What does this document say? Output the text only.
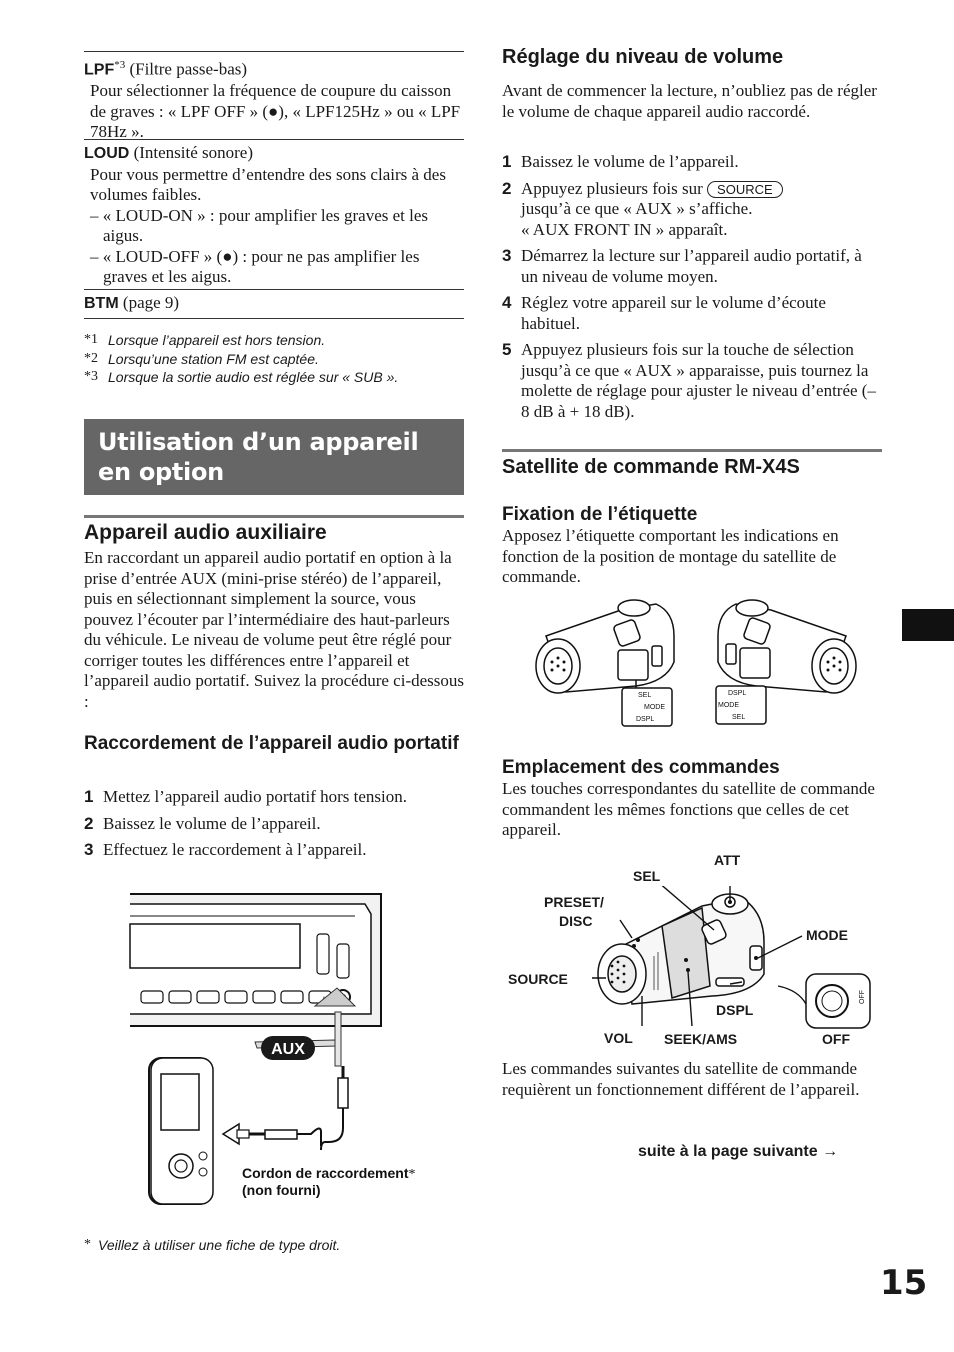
LPF$^{*3}$ (Filtre passe-bas)
Pour sélectionner la fréquence de coupure du caisson de graves : « LPF OFF » (●), « LPF125Hz » ou « LPF 78Hz ».
LOUD (Intensité sonore)
Pour vous permettre d’entendre des sons clairs à des volumes faibles.
– « LOUD-ON » : pour amplifier les graves et les aigus.
– « LOUD-OFF » (●) : pour ne pas amplifier les graves et les aigus.
BTM (page 9)
*1 Lorsque l’appareil est hors tension.
*2 Lorsqu’une station FM est captée.
*3 Lorsque la sortie audio est réglée sur « SUB ».
Utilisation d’un appareil en option
Appareil audio auxiliaire
En raccordant un appareil audio portatif en option à la prise d’entrée AUX (mini-prise stéréo) de l’appareil, puis en sélectionnant simplement la source, vous pouvez l’écouter par l’intermédiaire des haut-parleurs du véhicule. Le niveau de volume peut être réglé pour corriger toutes les différences entre l’appareil et l’appareil audio portatif. Suivez la procédure ci-dessous :
Raccordement de l’appareil audio portatif
1 Mettez l’appareil audio portatif hors tension.
2 Baissez le volume de l’appareil.
3 Effectuez le raccordement à l’appareil.
AUX
Cordon de raccordement*
(non fourni)
* Veillez à utiliser une fiche de type droit.
Réglage du niveau de volume
Avant de commencer la lecture, n’oubliez pas de régler le volume de chaque appareil audio raccordé.
1 Baissez le volume de l’appareil.
2 Appuyez plusieurs fois sur SOURCE
jusqu’à ce que « AUX » s’affiche.
« AUX FRONT IN » apparaît.
3 Démarrez la lecture sur l’appareil audio portatif, à un niveau de volume moyen.
4 Réglez votre appareil sur le volume d’écoute habituel.
5 Appuyez plusieurs fois sur la touche de sélection jusqu’à ce que « AUX » apparaisse, puis tournez la molette de réglage pour ajuster le niveau d’entrée (– 8 dB à + 18 dB).
Satellite de commande RM-X4S
Fixation de l’étiquette
Apposez l’étiquette comportant les indications en fonction de la position de montage du satellite de commande.
Emplacement des commandes
Les touches correspondantes du satellite de commande commandent les mêmes fonctions que celles de cet appareil.
Les commandes suivantes du satellite de commande requièrent un fonctionnement différent de l’appareil.
suite à la page suivante →
SEL
MODE
DSPL
DSPL
MODE
SEL
OFF
ATT
SEL
PRESET/
DISC
MODE
SOURCE
DSPL
VOL SEEK/AMS	OFF
15
